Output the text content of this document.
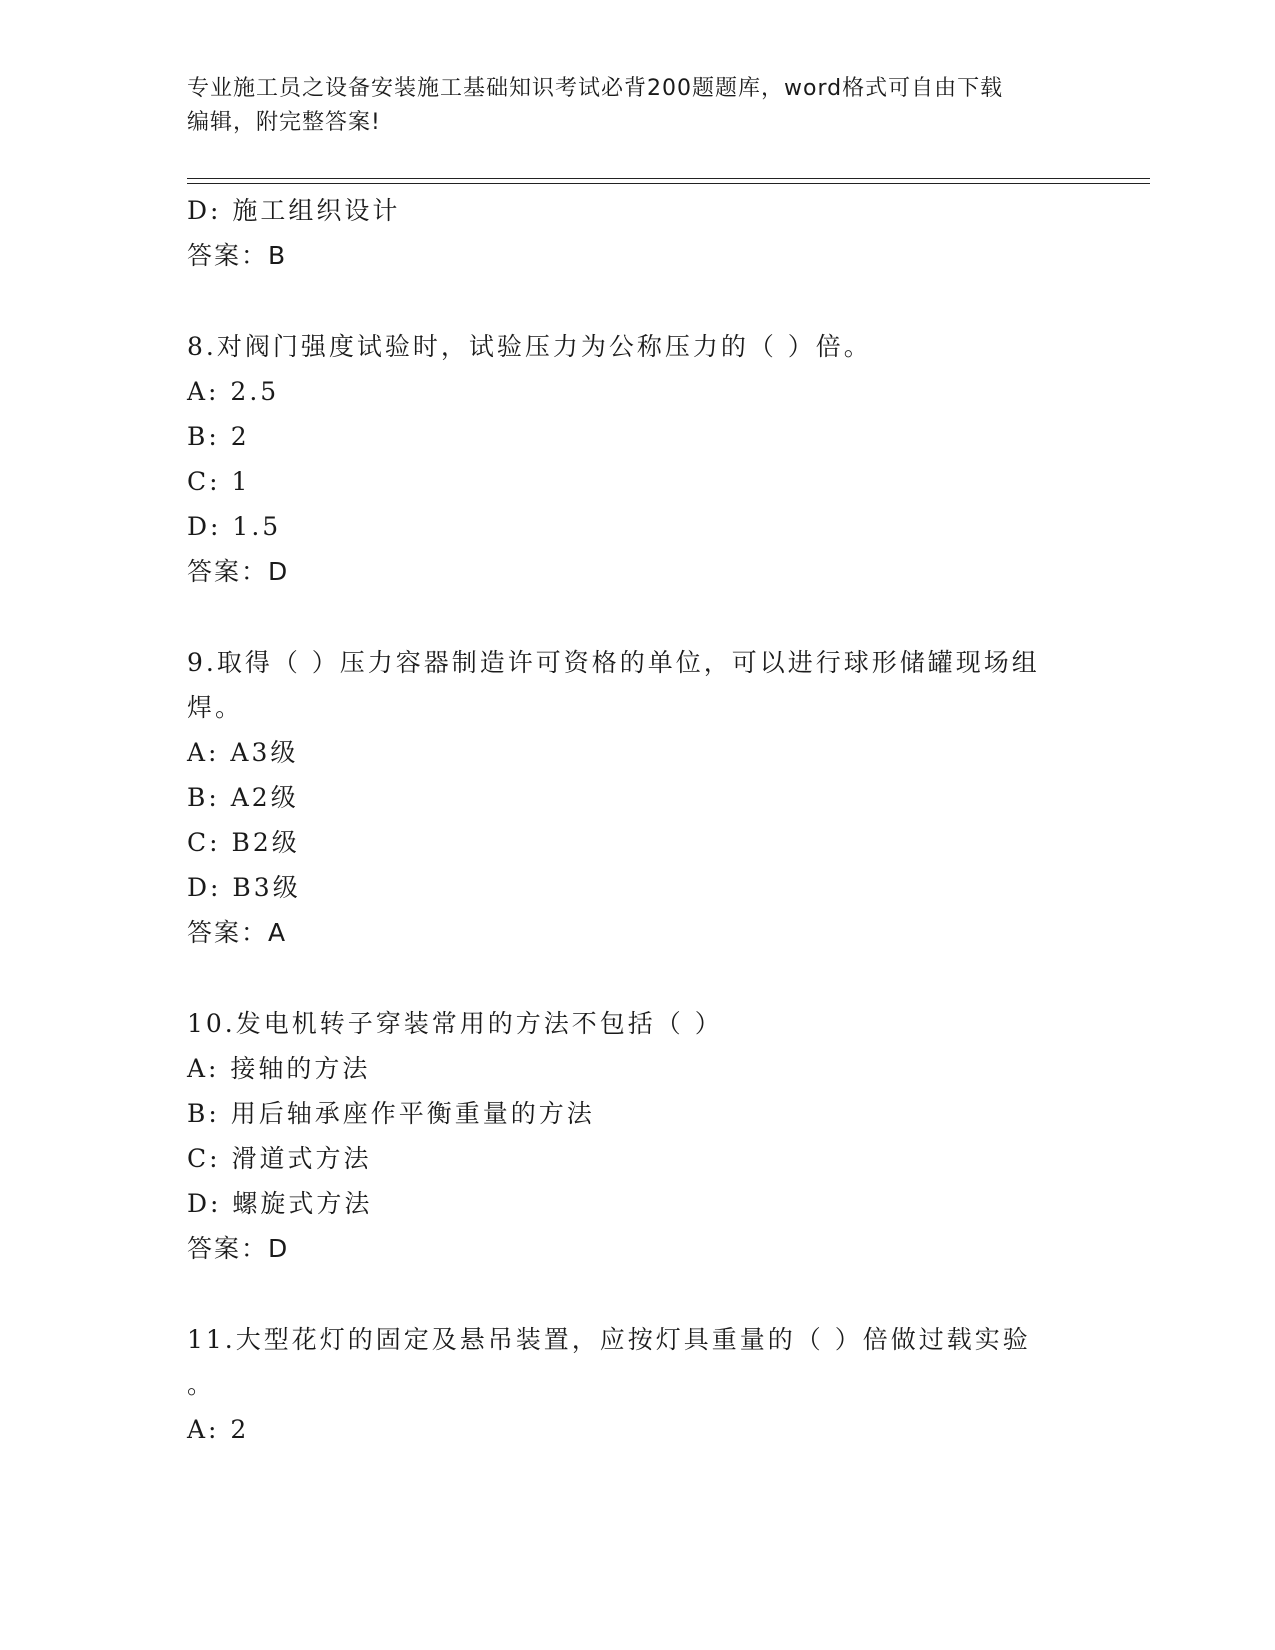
专业施工员之设备安装施工基础知识考试必背200题题库，word格式可自由下载
编辑，附完整答案!
D: 施工组织设计
答案：B
8.对阀门强度试验时，试验压力为公称压力的（ ）倍。
A: 2.5
B: 2
C: 1
D: 1.5
答案：D
9.取得（ ）压力容器制造许可资格的单位，可以进行球形储罐现场组
焊。
A: A3级
B: A2级
C: B2级
D: B3级
答案：A
10.发电机转子穿装常用的方法不包括（ ）
A: 接轴的方法
B: 用后轴承座作平衡重量的方法
C: 滑道式方法
D: 螺旋式方法
答案：D
11.大型花灯的固定及悬吊装置，应按灯具重量的（ ）倍做过载实验
。
A: 2
